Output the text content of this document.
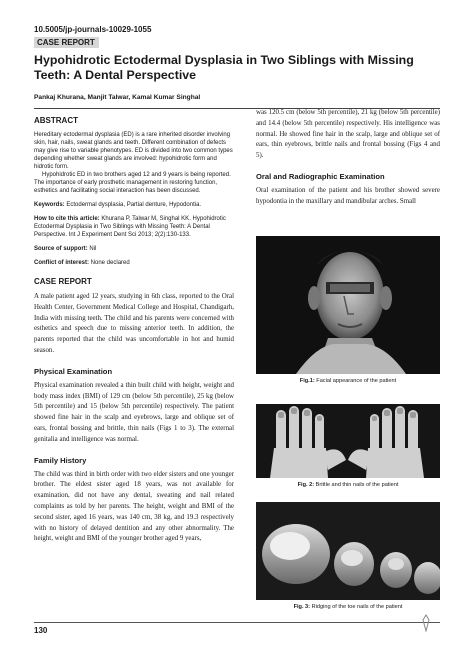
10.5005/jp-journals-10029-1055
CASE REPORT
Hypohidrotic Ectodermal Dysplasia in Two Siblings with Missing Teeth: A Dental Perspective
Pankaj Khurana, Manjit Talwar, Kamal Kumar Singhal
ABSTRACT

Hereditary ectodermal dysplasia (ED) is a rare inherited disorder involving skin, hair, nails, sweat glands and teeth. Different combination of defects may give rise to variable phenotypes. ED is divided into two common types depending whether sweat glands are involved: hypohidrotic form and hidrotic form.

Hypohidrotic ED in two brothers aged 12 and 9 years is being reported. The importance of early prosthetic management in restoring function, esthetics and facilitating social interaction has been discussed.

Keywords: Ectodermal dysplasia, Partial denture, Hypodontia.

How to cite this article: Khurana P, Talwar M, Singhal KK. Hypohidrotic Ectodermal Dysplasia in Two Siblings with Missing Teeth: A Dental Perspective. Int J Experiment Dent Sci 2013; 2(2):130-133.

Source of support: Nil

Conflict of interest: None declared

CASE REPORT

A male patient aged 12 years, studying in 6th class, reported to the Oral Health Center, Government Medical College and Hospital, Chandigarh, India with missing teeth. The child and his parents were concerned with esthetics and speech due to missing anterior teeth. In addition, the parents reported that the child was uncomfortable in hot and humid season.

Physical Examination

Physical examination revealed a thin built child with height, weight and body mass index (BMI) of 129 cm (below 5th percentile), 25 kg (below 5th percentile) and 15 (below 5th percentile) respectively. The patient showed fine hair in the scalp and eyebrows, large and oblique set of ears, frontal bossing and brittle, thin nails (Figs 1 to 3). The external genitalia and intelligence was normal.

Family History

The child was third in birth order with two elder sisters and one younger brother. The eldest sister aged 18 years, was not available for examination, did not have any dental, sweating and nail related complaints as told by her parents. The height, weight and BMI of the second sister, aged 16 years, was 140 cm, 38 kg, and 19.3 respectively with no history of delayed dentition and any other abnormality. The height, weight and BMI of the younger brother aged 9 years,

was 120.5 cm (below 5th percentile), 21 kg (below 5th percentile) and 14.4 (below 5th percentile) respectively. His intelligence was normal. He showed fine hair in the scalp, large and oblique set of ears, thin eyebrows, brittle nails and frontal bossing (Figs 4 and 5).

Oral and Radiographic Examination

Oral examination of the patient and his brother showed severe hypodontia in the maxillary and mandibular arches. Small

Fig.1: Facial appearance of the patient

Fig. 2: Brittle and thin nails of the patient

Fig. 3: Ridging of the toe nails of the patient

130
